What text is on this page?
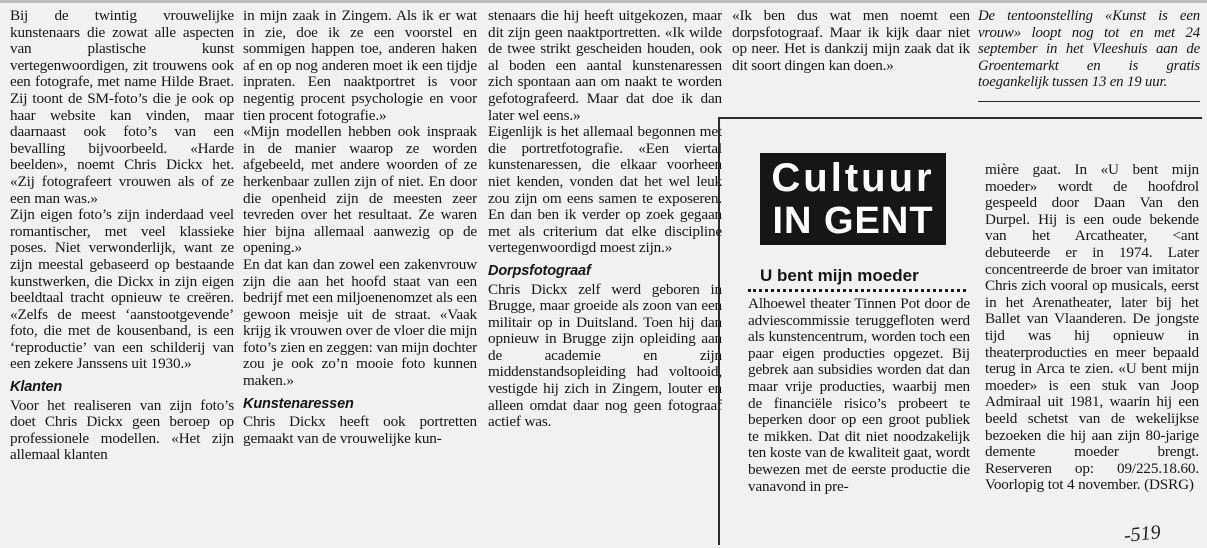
Bij de twintig vrouwelijke kunstenaars die zowat alle aspecten van plastische kunst vertegenwoordigen, zit trouwens ook een fotografe, met name Hilde Braet. Zij toont de SM-foto’s die je ook op haar website kan vinden, maar daarnaast ook foto’s van een bevalling bijvoorbeeld. «Harde beelden», noemt Chris Dickx het. «Zij fotografeert vrouwen als of ze een man was.»

Zijn eigen foto’s zijn inderdaad veel romantischer, met veel klassieke poses. Niet verwonderlijk, want ze zijn meestal gebaseerd op bestaande kunstwerken, die Dickx in zijn eigen beeldtaal tracht opnieuw te creëren. «Zelfs de meest ‘aanstootgevende’ foto, die met de kousenband, is een ‘reproductie’ van een schilderij van een zekere Janssens uit 1930.»

Klanten

Voor het realiseren van zijn foto’s doet Chris Dickx geen beroep op professionele modellen. «Het zijn allemaal klanten

in mijn zaak in Zingem. Als ik er wat in zie, doe ik ze een voorstel en sommigen happen toe, anderen haken af en op nog anderen moet ik een tijdje inpraten. Een naaktportret is voor negentig procent psychologie en voor tien procent fotografie.»

«Mijn modellen hebben ook inspraak in de manier waarop ze worden afgebeeld, met andere woorden of ze herkenbaar zullen zijn of niet. En door die openheid zijn de meesten zeer tevreden over het resultaat. Ze waren hier bijna allemaal aanwezig op de opening.»

En dat kan dan zowel een zakenvrouw zijn die aan het hoofd staat van een bedrijf met een miljoenenomzet als een gewoon meisje uit de straat. «Vaak krijg ik vrouwen over de vloer die mijn foto’s zien en zeggen: van mijn dochter zou je ook zo’n mooie foto kunnen maken.»

Kunstenaressen

Chris Dickx heeft ook portretten gemaakt van de vrouwelijke kun-

stenaars die hij heeft uitgekozen, maar dit zijn geen naaktportretten. «Ik wilde de twee strikt gescheiden houden, ook al boden een aantal kunstenaressen zich spontaan aan om naakt te worden gefotografeerd. Maar dat doe ik dan later wel eens.»

Eigenlijk is het allemaal begonnen met die portretfotografie. «Een viertal kunstenaressen, die elkaar voorheen niet kenden, vonden dat het wel leuk zou zijn om eens samen te exposeren. En dan ben ik verder op zoek gegaan met als criterium dat elke discipline vertegenwoordigd moest zijn.»

Dorpsfotograaf

Chris Dickx zelf werd geboren in Brugge, maar groeide als zoon van een militair op in Duitsland. Toen hij dan opnieuw in Brugge zijn opleiding aan de academie en zijn middenstandsopleiding had voltooid, vestigde hij zich in Zingem, louter en alleen omdat daar nog geen fotograaf actief was.

«Ik ben dus wat men noemt een dorpsfotograaf. Maar ik kijk daar niet op neer. Het is dankzij mijn zaak dat ik dit soort dingen kan doen.»

De tentoonstelling «Kunst is een vrouw» loopt nog tot en met 24 september in het Vleeshuis aan de Groentemarkt en is gratis toegankelijk tussen 13 en 19 uur.

Cultuur
IN GENT
U bent mijn moeder

Alhoewel theater Tinnen Pot door de adviescommissie teruggefloten werd als kunstencentrum, worden toch een paar eigen producties opgezet. Bij gebrek aan subsidies worden dat dan maar vrije producties, waarbij men de financiële risico’s probeert te beperken door op een groot publiek te mikken. Dat dit niet noodzakelijk ten koste van de kwaliteit gaat, wordt bewezen met de eerste productie die vanavond in pre-

mière gaat. In «U bent mijn moeder» wordt de hoofdrol gespeeld door Daan Van den Durpel. Hij is een oude bekende van het Arcatheater, <ant debuteerde er in 1974. Later concentreerde de broer van imitator Chris zich vooral op musicals, eerst in het Arenatheater, later bij het Ballet van Vlaanderen. De jongste tijd was hij opnieuw in theaterproducties en meer bepaald terug in Arca te zien. «U bent mijn moeder» is een stuk van Joop Admiraal uit 1981, waarin hij een beeld schetst van de wekelijkse bezoeken die hij aan zijn 80-jarige demente moeder brengt. Reserveren op: 09/225.18.60. Voorlopig tot 4 november. (DSRG)

-519
